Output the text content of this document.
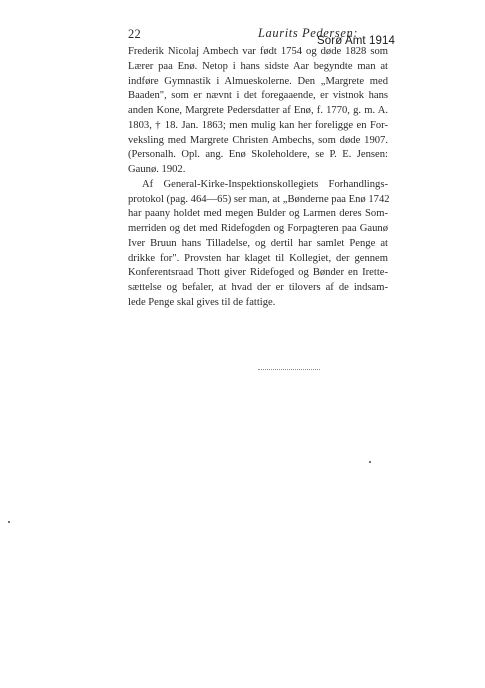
22	Laurits Pedersen:
Sorø Amt 1914
Frederik Nicolaj Ambech var født 1754 og døde 1828 som
Lærer paa Enø. Netop i hans sidste Aar begyndte man at
indføre Gymnastik i Almueskolerne. Den „Margrete med
Baaden", som er nævnt i det foregaaende, er vistnok hans
anden Kone, Margrete Pedersdatter af Enø, f. 1770, g. m. A.
1803, † 18. Jan. 1863; men mulig kan her foreligge en For-
veksling med Margrete Christen Ambechs, som døde 1907.
(Personalh. Opl. ang. Enø Skoleholdere, se P. E. Jensen:
Gaunø. 1902.
Af General-Kirke-Inspektionskollegiets Forhandlings-
protokol (pag. 464—65) ser man, at „Bønderne paa Enø 1742
har paany holdet med megen Bulder og Larmen deres Som-
merriden og det med Ridefogden og Forpagteren paa Gaunø
Iver Bruun hans Tilladelse, og dertil har samlet Penge at
drikke for". Provsten har klaget til Kollegiet, der gennem
Konferentsraad Thott giver Ridefoged og Bønder en Irette-
sættelse og befaler, at hvad der er tilovers af de indsam-
lede Penge skal gives til de fattige.
